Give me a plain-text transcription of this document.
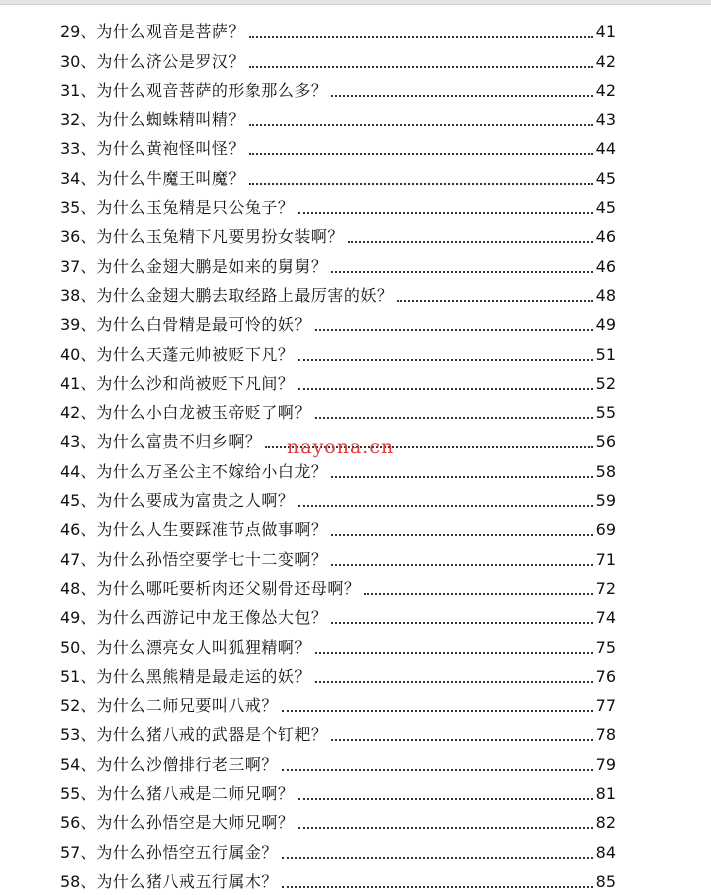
29、 为什么观音是菩萨？	41
30、 为什么济公是罗汉？	42
31、 为什么观音菩萨的形象那么多？	42
32、 为什么蜘蛛精叫精？	43
33、 为什么黄袍怪叫怪？	44
34、 为什么牛魔王叫魔？	45
35、 为什么玉兔精是只公兔子？	45
36、 为什么玉兔精下凡要男扮女装啊？	46
37、 为什么金翅大鹏是如来的舅舅？	46
38、 为什么金翅大鹏去取经路上最厉害的妖？	48
39、 为什么白骨精是最可怜的妖？	49
40、 为什么天蓬元帅被贬下凡？	51
41、 为什么沙和尚被贬下凡间？	52
42、 为什么小白龙被玉帝贬了啊？	55
43、 为什么富贵不归乡啊？	56
44、 为什么万圣公主不嫁给小白龙？	58
45、 为什么要成为富贵之人啊？	59
46、 为什么人生要踩准节点做事啊？	69
47、 为什么孙悟空要学七十二变啊？	71
48、 为什么哪吒要析肉还父剔骨还母啊？	72
49、 为什么西游记中龙王像怂大包？	74
50、 为什么漂亮女人叫狐狸精啊？	75
51、 为什么黑熊精是最走运的妖？	76
52、 为什么二师兄要叫八戒？	77
53、 为什么猪八戒的武器是个钉耙？	78
54、 为什么沙僧排行老三啊？	79
55、 为什么猪八戒是二师兄啊？	81
56、 为什么孙悟空是大师兄啊？	82
57、 为什么孙悟空五行属金？	84
58、 为什么猪八戒五行属木？	85
nayona.cn
